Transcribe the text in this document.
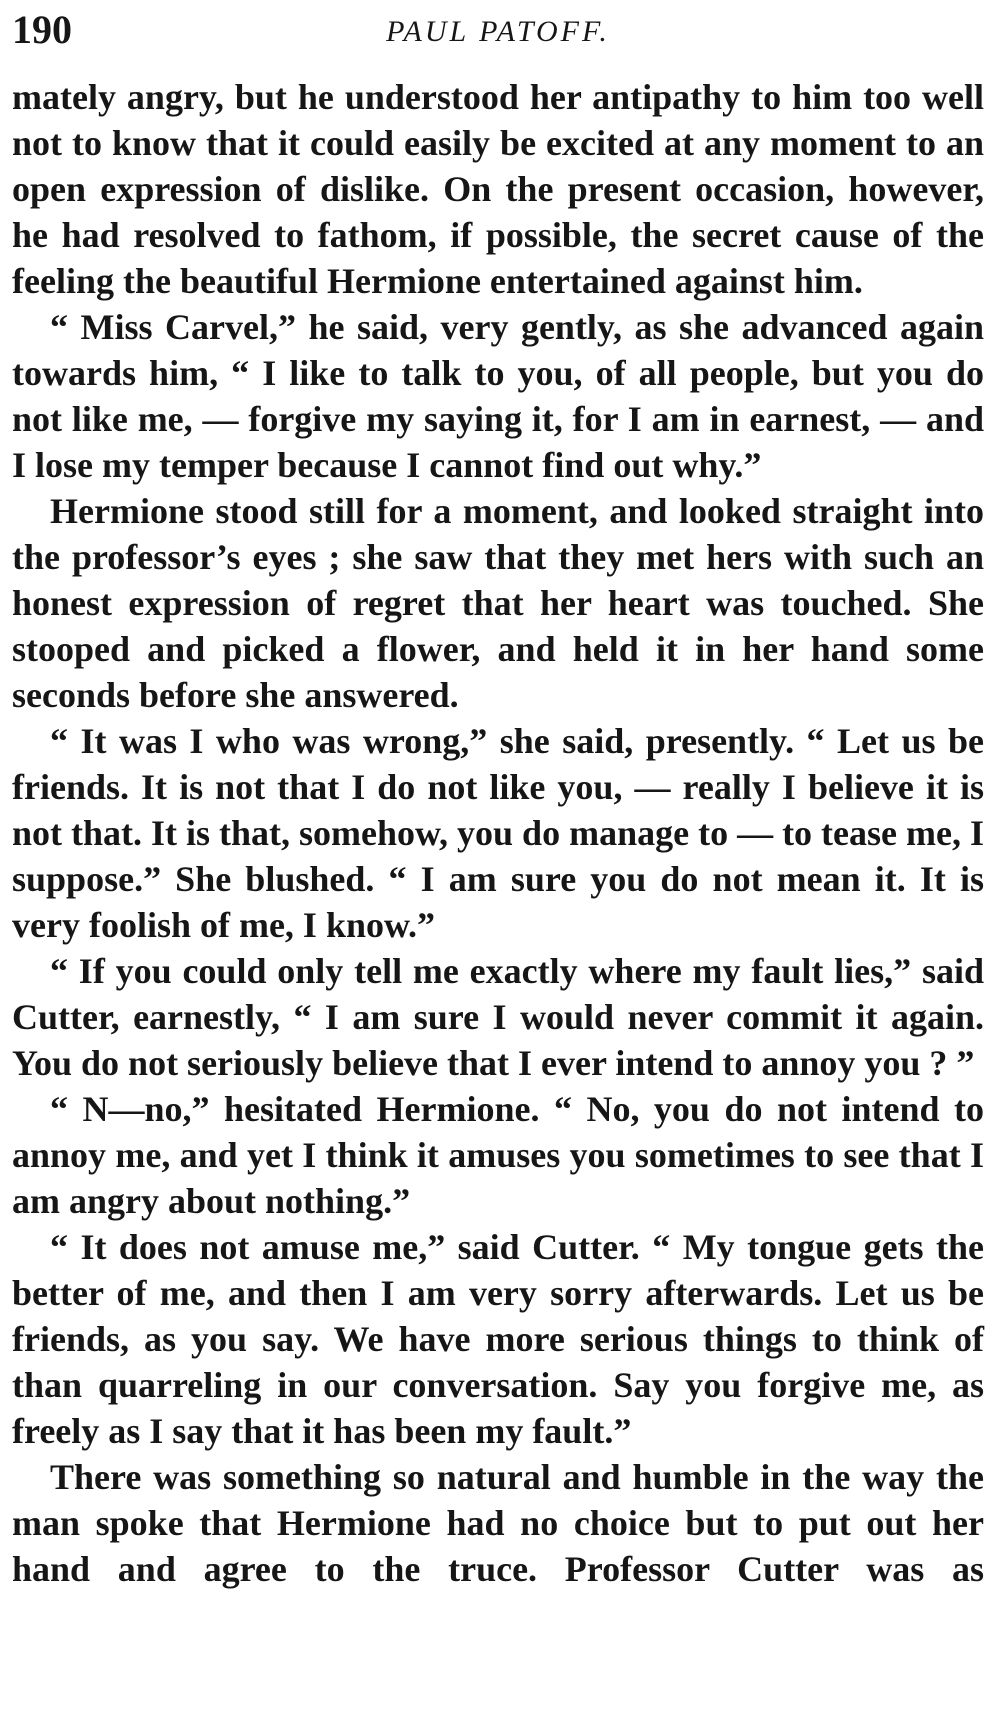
190	PAUL PATOFF.

mately angry, but he understood her antipathy to him too well not to know that it could easily be excited at any moment to an open expression of dislike. On the present occasion, however, he had resolved to fathom, if possible, the secret cause of the feeling the beautiful Hermione entertained against him.

“ Miss Carvel,” he said, very gently, as she advanced again towards him, “ I like to talk to you, of all people, but you do not like me, — forgive my saying it, for I am in earnest, — and I lose my temper because I cannot find out why.”

Hermione stood still for a moment, and looked straight into the professor’s eyes ; she saw that they met hers with such an honest expression of regret that her heart was touched. She stooped and picked a flower, and held it in her hand some seconds before she answered.

“ It was I who was wrong,” she said, presently. “ Let us be friends. It is not that I do not like you, — really I believe it is not that. It is that, somehow, you do manage to — to tease me, I suppose.” She blushed. “ I am sure you do not mean it. It is very foolish of me, I know.”

“ If you could only tell me exactly where my fault lies,” said Cutter, earnestly, “ I am sure I would never commit it again. You do not seriously believe that I ever intend to annoy you ? ”

“ N—no,” hesitated Hermione. “ No, you do not intend to annoy me, and yet I think it amuses you sometimes to see that I am angry about nothing.”

“ It does not amuse me,” said Cutter. “ My tongue gets the better of me, and then I am very sorry afterwards. Let us be friends, as you say. We have more serious things to think of than quarreling in our conversation. Say you forgive me, as freely as I say that it has been my fault.”

There was something so natural and humble in the way the man spoke that Hermione had no choice but to put out her hand and agree to the truce. Professor Cutter was as
